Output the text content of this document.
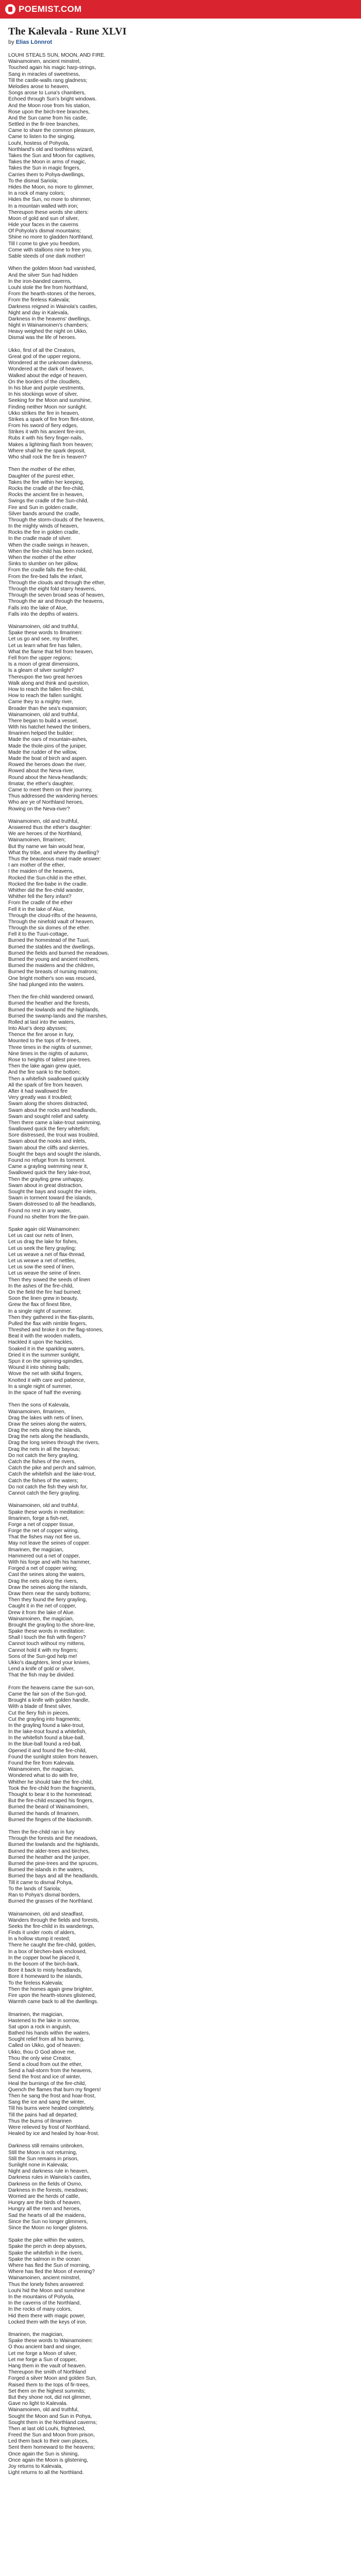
POEMIST.COM
The Kalevala - Rune XLVI
by Elias Lönnrot
LOUHI STEALS SUN, MOON, AND FIRE.
Wainamoinen, ancient minstrel,
Touched again his magic harp-strings,
Sang in miracles of sweetness,
Till the castle-walls rang gladness;
Melodies arose to heaven,
Songs arose to Luna's chambers,
Echoed through Sun's bright windows.
And the Moon rose from his station,
Rose upon the birch-tree branches,
And the Sun came from his castle,
Settled in the fir-tree branches,
Came to share the common pleasure,
Came to listen to the singing.
Louhi, hostess of Pohyola,
Northland's old and toothless wizard,
Takes the Sun and Moon for captives,
Takes the Moon in arms of magic,
Takes the Sun in magic fingers,
Carries them to Pohya-dwellings,
To the dismal Sariola;
Hides the Moon, no more to glimmer,
In a rock of many colors;
Hides the Sun, no more to shimmer,
In a mountain walled with iron;
Thereupon these words she utters:
Moon of gold and sun of silver,
Hide your faces in the caverns
Of Pohyola's dismal mountains;
Shine no more to gladden Northland,
Till I come to give you freedom,
Come with stallions nine to free you,
Sable steeds of one dark mother!
When the golden Moon had vanished,
And the silver Sun had hidden
In the iron-banded caverns,
Louhi stole the fire from Northland,
From the hearth-stones of the heroes,
From the fireless Kalevala;
Darkness reigned in Wainola's castles,
Night and day in Kalevala,
Darkness in the heavens' dwellings,
Night in Wainamoinen's chambers;
Heavy weighed the night on Ukko,
Dismal was the life of heroes.
Ukko, first of all the Creators,
Great god of the upper regions,
Wondered at the unknown darkness,
Wondered at the dark of heaven,
Walked about the edge of heaven,
On the borders of the cloudlets,
In his blue and purple vestments,
In his stockings wove of silver,
Seeking for the Moon and sunshine,
Finding neither Moon nor sunlight.
Ukko strikes the fire in heaven,
Strikes a spark of fire from flint-stone,
From his sword of fiery edges,
Strikes it with his ancient fire-iron,
Rubs it with his fiery finger-nails,
Makes a lightning flash from heaven;
Where shall he the spark deposit,
Who shall rock the fire in heaven?
Then the mother of the ether,
Daughter of the purest ether,
Takes the fire within her keeping,
Rocks the cradle of the fire-child,
Rocks the ancient fire in heaven,
Swings the cradle of the Sun-child,
Fire and Sun in golden cradle,
Silver bands around the cradle,
Through the storm-clouds of the heavens,
In the mighty winds of heaven,
Rocks the fire in golden cradle,
In the cradle made of silver.
When the cradle swings in heaven,
When the fire-child has been rocked,
When the mother of the ether
Sinks to slumber on her pillow,
From the cradle falls the fire-child,
From the fire-bed falls the infant,
Through the clouds and through the ether,
Through the eight fold starry heavens,
Through the seven broad seas of heaven,
Through the air and through the heavens,
Falls into the lake of Alue,
Falls into the depths of waters.
Wainamoinen, old and truthful,
Spake these words to Ilmarinen:
Let us go and see, my brother,
Let us learn what fire has fallen,
What the flame that fell from heaven,
Fell from the upper regions;
Is a moon of great dimensions,
Is a gleam of silver sunlight?
Thereupon the two great heroes
Walk along and think and question,
How to reach the fallen fire-child,
How to reach the fallen sunlight.
Came they to a mighty river,
Broader than the sea's expansion;
Wainamoinen, old and truthful,
There began to build a vessel,
With his hatchet hewed the timbers,
Ilmarinen helped the builder;
Made the oars of mountain-ashes,
Made the thole-pins of the juniper,
Made the rudder of the willow,
Made the boat of birch and aspen.
Rowed the heroes down the river,
Rowed about the Neva-river,
Round about the Neva-headlands;
Ilmatar, the ether's daughter,
Came to meet them on their journey,
Thus addressed the wandering heroes:
Who are ye of Northland heroes,
Rowing on the Neva-river?
Wainamoinen, old and truthful,
Answered thus the ether's daughter:
We are heroes of the Northland,
Wainamoinen, Ilmarinen;
But thy name we fain would hear,
What thy tribe, and where thy dwelling?
Thus the beauteous maid made answer:
I am mother of the ether,
I the maiden of the heavens,
Rocked the Sun-child in the ether,
Rocked the fire-babe in the cradle.
Whither did the fire-child wander,
Whither fell the fiery infant?
From the cradle of the ether
Fell it in the lake of Alue,
Through the cloud-rifts of the heavens,
Through the ninefold vault of heaven,
Through the six domes of the ether.
Fell it to the Tuuri-cottage,
Burned the homestead of the Tuuri,
Burned the stables and the dwellings,
Burned the fields and burned the meadows,
Burned the young and ancient mothers,
Burned the maidens and the children,
Burned the breasts of nursing matrons;
One bright mother's son was rescued,
She had plunged into the waters.
Then the fire-child wandered onward,
Burned the heather and the forests,
Burned the lowlands and the highlands,
Burned the swamp-lands and the marshes,
Rolled at last into the waters,
Into Alue's deep abysses;
Thence the fire arose in fury,
Mounted to the tops of fir-trees,
Three times in the nights of summer,
Nine times in the nights of autumn,
Rose to heights of tallest pine-trees.
Then the lake again grew quiet,
And the fire sank to the bottom;
Then a whitefish swallowed quickly
All the spark of fire from heaven.
After it had swallowed fire
Very greatly was it troubled;
Swam along the shores distracted,
Swam about the rocks and headlands,
Swam and sought relief and safety.
Then there came a lake-trout swimming,
Swallowed quick the fiery whitefish;
Sore distressed, the trout was troubled,
Swam about the nooks and inlets,
Swam about the cliffs and skerries,
Sought the bays and sought the islands,
Found no refuge from its torment.
Came a grayling swimming near it,
Swallowed quick the fiery lake-trout,
Then the grayling grew unhappy,
Swam about in great distraction,
Sought the bays and sought the inlets,
Swam in torment toward the islands,
Swam distressed to all the headlands,
Found no rest in any water,
Found no shelter from the fire-pain.
Spake again old Wainamoinen:
Let us cast our nets of linen,
Let us drag the lake for fishes,
Let us seek the fiery grayling;
Let us weave a net of flax-thread,
Let us weave a net of nettles,
Let us sow the seed of linen,
Let us weave the seine of linen.
Then they sowed the seeds of linen
In the ashes of the fire-child,
On the field the fire had burned;
Soon the linen grew in beauty,
Grew the flax of finest fibre,
In a single night of summer.
Then they gathered in the flax-plants,
Pulled the flax with nimble fingers,
Threshed and broke it on the flag-stones,
Beat it with the wooden mallets,
Hackled it upon the hackles,
Soaked it in the sparkling waters,
Dried it in the summer sunlight,
Spun it on the spinning-spindles,
Wound it into shining balls;
Wove the net with skilful fingers,
Knotted it with care and patience,
In a single night of summer,
In the space of half the evening.
Then the sons of Kalevala,
Wainamoinen, Ilmarinen,
Drag the lakes with nets of linen,
Draw the seines along the waters,
Drag the nets along the islands,
Drag the nets along the headlands,
Drag the long seines through the rivers,
Drag the nets in all the bayous;
Do not catch the fiery grayling,
Catch the fishes of the rivers,
Catch the pike and perch and salmon,
Catch the whitefish and the lake-trout,
Catch the fishes of the waters;
Do not catch the fish they wish for,
Cannot catch the fiery grayling.
Wainamoinen, old and truthful,
Spake these words in meditation:
Ilmarinen, forge a fish-net,
Forge a net of copper tissue,
Forge the net of copper wiring,
That the fishes may not flee us,
May not leave the seines of copper.
Ilmarinen, the magician,
Hammered out a net of copper,
With his forge and with his hammer,
Forged a net of copper wiring;
Cast the seines along the waters,
Drag the nets along the rivers,
Draw the seines along the islands,
Draw them near the sandy bottoms;
Then they found the fiery grayling,
Caught it in the net of copper,
Drew it from the lake of Alue.
Wainamoinen, the magician,
Brought the grayling to the shore-line,
Spake these words in meditation:
Shall I touch the fish with fingers?
Cannot touch without my mittens,
Cannot hold it with my fingers;
Sons of the Sun-god help me!
Ukko's daughters, lend your knives,
Lend a knife of gold or silver,
That the fish may be divided.
From the heavens came the sun-son,
Came the fair son of the Sun-god,
Brought a knife with golden handle,
With a blade of finest silver,
Cut the fiery fish in pieces,
Cut the grayling into fragments;
In the grayling found a lake-trout,
In the lake-trout found a whitefish,
In the whitefish found a blue-ball,
In the blue-ball found a red-ball,
Opened it and found the fire-child,
Found the sunlight stolen from heaven,
Found the fire from Kalevala.
Wainamoinen, the magician,
Wondered what to do with fire,
Whither he should take the fire-child,
Took the fire-child from the fragments,
Thought to bear it to the homestead;
But the fire-child escaped his fingers,
Burned the beard of Wainamoinen,
Burned the hands of Ilmarinen,
Burned the fingers of the blacksmith.
Then the fire-child ran in fury
Through the forests and the meadows,
Burned the lowlands and the highlands,
Burned the alder-trees and birches,
Burned the heather and the juniper,
Burned the pine-trees and the spruces,
Burned the islands in the waters,
Burned the bays and all the headlands,
Till it came to dismal Pohya,
To the lands of Sariola;
Ran to Pohya's dismal borders,
Burned the grasses of the Northland.
Wainamoinen, old and steadfast,
Wanders through the fields and forests,
Seeks the fire-child in its wanderings,
Finds it under roots of alders,
In a hollow stump it rested;
There he caught the fire-child, golden,
In a box of birchen-bark enclosed,
In the copper bowl he placed it,
In the bosom of the birch-bark,
Bore it back to misty headlands,
Bore it homeward to the islands,
To the fireless Kalevala;
Then the homes again grew brighter,
Fire upon the hearth-stones glistened,
Warmth came back to all the dwellings.
Ilmarinen, the magician,
Hastened to the lake in sorrow,
Sat upon a rock in anguish,
Bathed his hands within the waters,
Sought relief from all his burning,
Called on Ukko, god of heaven:
Ukko, thou O God above me,
Thou the only wise Creator,
Send a cloud from out the ether,
Send a hail-storm from the heavens,
Send the frost and ice of winter,
Heal the burnings of the fire-child,
Quench the flames that burn my fingers!
Then he sang the frost and hoar-frost,
Sang the ice and sang the winter,
Till his burns were healed completely,
Till the pains had all departed;
Thus the burns of Ilmarinen
Were relieved by frost of Northland,
Healed by ice and healed by hoar-frost.
Darkness still remains unbroken,
Still the Moon is not returning,
Still the Sun remains in prison,
Sunlight none in Kalevala;
Night and darkness rule in heaven,
Darkness rules in Wainola's castles,
Darkness on the fields of Osmo,
Darkness in the forests, meadows;
Worried are the herds of cattle,
Hungry are the birds of heaven,
Hungry all the men and heroes,
Sad the hearts of all the maidens,
Since the Sun no longer glimmers,
Since the Moon no longer glistens.
Spake the pike within the waters,
Spake the perch in deep abysses,
Spake the whitefish in the rivers,
Spake the salmon in the ocean:
Where has fled the Sun of morning,
Where has fled the Moon of evening?
Wainamoinen, ancient minstrel,
Thus the lonely fishes answered:
Louhi hid the Moon and sunshine
In the mountains of Pohyola,
In the caverns of the Northland,
In the rocks of many colors,
Hid them there with magic power,
Locked them with the keys of iron.
Ilmarinen, the magician,
Spake these words to Wainamoinen:
O thou ancient bard and singer,
Let me forge a Moon of silver,
Let me forge a Sun of copper,
Hang them in the vault of heaven.
Thereupon the smith of Northland
Forged a silver Moon and golden Sun,
Raised them to the tops of fir-trees,
Set them on the highest summits;
But they shone not, did not glimmer,
Gave no light to Kalevala.
Wainamoinen, old and truthful,
Sought the Moon and Sun in Pohya,
Sought them in the Northland caverns;
Then at last old Louhi, frightened,
Freed the Sun and Moon from prison,
Led them back to their own places,
Sent them homeward to the heavens;
Once again the Sun is shining,
Once again the Moon is glistening,
Joy returns to Kalevala,
Light returns to all the Northland.
